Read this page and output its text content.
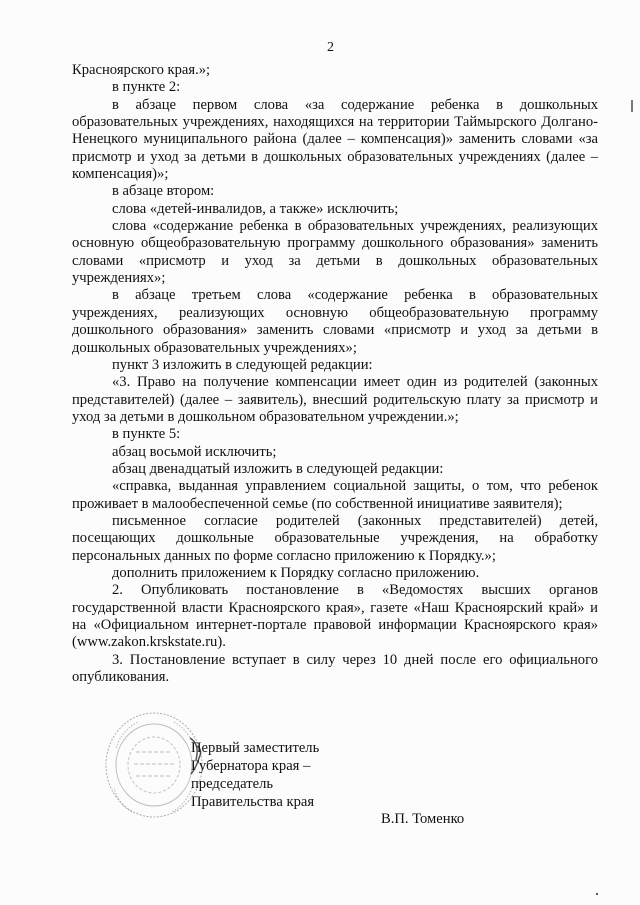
2

Красноярского края.»;

в пункте 2:

в абзаце первом слова «за содержание ребенка в дошкольных образовательных учреждениях, находящихся на территории Таймырского Долгано-Ненецкого муниципального района (далее – компенсация)» заменить словами «за присмотр и уход за детьми в дошкольных образовательных учреждениях (далее – компенсация)»;

в абзаце втором:

слова «детей-инвалидов, а также» исключить;

слова «содержание ребенка в образовательных учреждениях, реализующих основную общеобразовательную программу дошкольного образования» заменить словами «присмотр и уход за детьми в дошкольных образовательных учреждениях»;

в абзаце третьем слова «содержание ребенка в образовательных учреждениях, реализующих основную общеобразовательную программу дошкольного образования» заменить словами «присмотр и уход за детьми в дошкольных образовательных учреждениях»;

пункт 3 изложить в следующей редакции:

«3. Право на получение компенсации имеет один из родителей (законных представителей) (далее – заявитель), внесший родительскую плату за присмотр и уход за детьми в дошкольном образовательном учреждении.»;

в пункте 5:

абзац восьмой исключить;

абзац двенадцатый изложить в следующей редакции:

«справка, выданная управлением социальной защиты, о том, что ребенок проживает в малообеспеченной семье (по собственной инициативе заявителя);

письменное согласие родителей (законных представителей) детей, посещающих дошкольные образовательные учреждения, на обработку персональных данных по форме согласно приложению к Порядку.»;

дополнить приложением к Порядку согласно приложению.

2. Опубликовать постановление в «Ведомостях высших органов государственной власти Красноярского края», газете «Наш Красноярский край» и на «Официальном интернет-портале правовой информации Красноярского края» (www.zakon.krskstate.ru).

3. Постановление вступает в силу через 10 дней после его официального опубликования.

Первый заместитель
Губернатора края –
председатель
Правительства края
В.П. Томенко
